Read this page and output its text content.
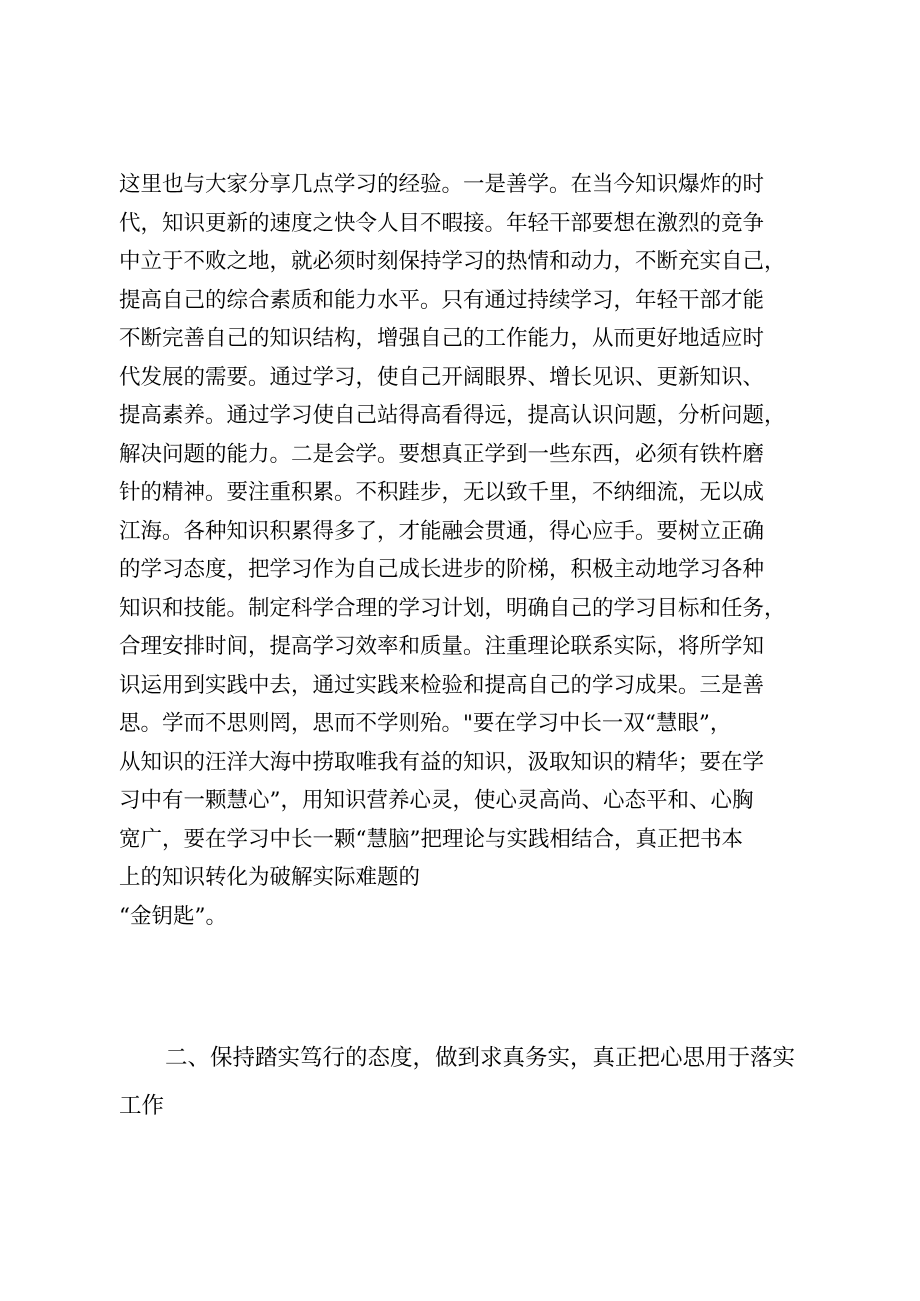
这里也与大家分享几点学习的经验。一是善学。在当今知识爆炸的时
代，知识更新的速度之快令人目不暇接。年轻干部要想在激烈的竞争
中立于不败之地，就必须时刻保持学习的热情和动力，不断充实自己，
提高自己的综合素质和能力水平。只有通过持续学习，年轻干部才能
不断完善自己的知识结构，增强自己的工作能力，从而更好地适应时
代发展的需要。通过学习，使自己开阔眼界、增长见识、更新知识、
提高素养。通过学习使自己站得高看得远，提高认识问题，分析问题，
解决问题的能力。二是会学。要想真正学到一些东西，必须有铁杵磨
针的精神。要注重积累。不积跬步，无以致千里，不纳细流，无以成
江海。各种知识积累得多了，才能融会贯通，得心应手。要树立正确
的学习态度，把学习作为自己成长进步的阶梯，积极主动地学习各种
知识和技能。制定科学合理的学习计划，明确自己的学习目标和任务，
合理安排时间，提高学习效率和质量。注重理论联系实际，将所学知
识运用到实践中去，通过实践来检验和提高自己的学习成果。三是善
思。学而不思则罔，思而不学则殆。"要在学习中长一双“慧眼”，
从知识的汪洋大海中捞取唯我有益的知识，汲取知识的精华；要在学
习中有一颗慧心”，用知识营养心灵，使心灵高尚、心态平和、心胸
宽广，要在学习中长一颗“慧脑”把理论与实践相结合，真正把书本
上的知识转化为破解实际难题的
“金钥匙”。
二、保持踏实笃行的态度，做到求真务实，真正把心思用于落实
工作
